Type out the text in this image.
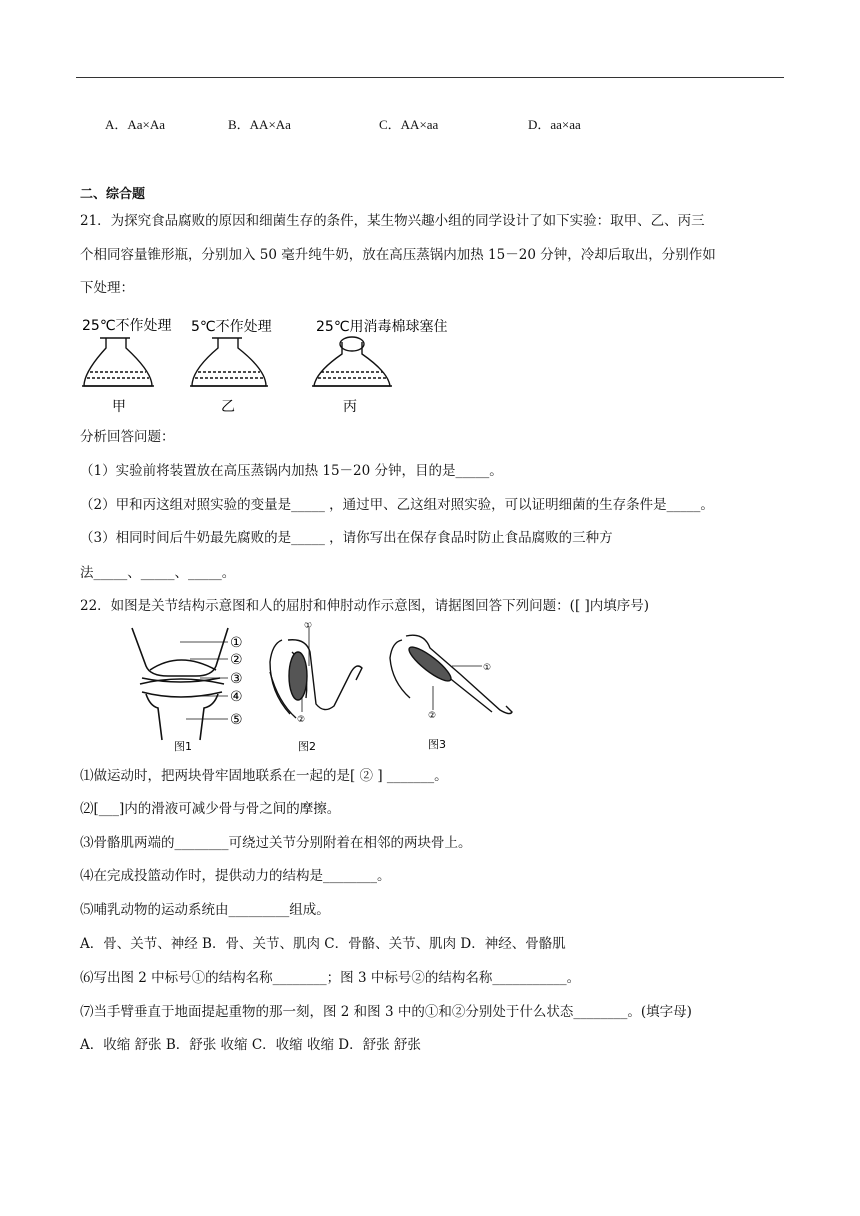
A．Aa×Aa	B．AA×Aa	C．AA×aa	D．aa×aa
二、综合题
21．为探究食品腐败的原因和细菌生存的条件，某生物兴趣小组的同学设计了如下实验：取甲、乙、丙三
个相同容量锥形瓶，分别加入 50 毫升纯牛奶，放在高压蒸锅内加热 15－20 分钟，冷却后取出，分别作如
下处理：
25℃不作处理 5℃不作处理	25℃用消毒棉球塞住
甲	乙	丙
分析回答问题：
（1）实验前将装置放在高压蒸锅内加热 15－20 分钟，目的是_____。
（2）甲和丙这组对照实验的变量是_____ ，通过甲、乙这组对照实验，可以证明细菌的生存条件是_____。
（3）相同时间后牛奶最先腐败的是_____ ，请你写出在保存食品时防止食品腐败的三种方
法_____、_____、_____。
22．如图是关节结构示意图和人的屈肘和伸肘动作示意图，请据图回答下列问题：([ ]内填序号)
①
②
③
④
⑤
①
②
①
②
图1	图2	图3
⑴做运动时，把两块骨牢固地联系在一起的是[ ② ] _______。
⑵[___]内的滑液可减少骨与骨之间的摩擦。
⑶骨骼肌两端的________可绕过关节分别附着在相邻的两块骨上。
⑷在完成投篮动作时，提供动力的结构是________。
⑸哺乳动物的运动系统由_________组成。
A．骨、关节、神经 B．骨、关节、肌肉 C．骨骼、关节、肌肉 D．神经、骨骼肌
⑹写出图 2 中标号①的结构名称________；图 3 中标号②的结构名称___________。
⑺当手臂垂直于地面提起重物的那一刻，图 2 和图 3 中的①和②分别处于什么状态________。(填字母)
A．收缩 舒张 B．舒张 收缩 C．收缩 收缩 D．舒张 舒张
